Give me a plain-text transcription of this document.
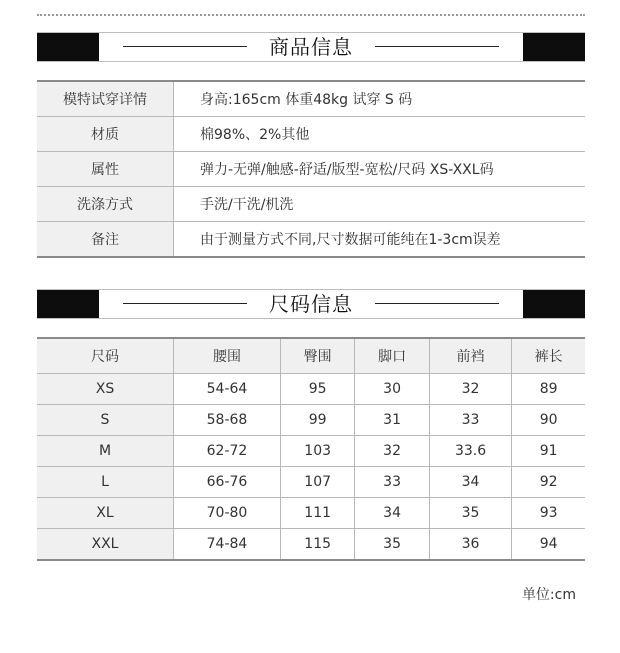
商品信息
模特试穿详情	身高:165cm 体重48kg 试穿 S 码
材质	棉98%、2%其他
属性	弹力-无弹/触感-舒适/版型-宽松/尺码 XS-XXL码
洗涤方式	手洗/干洗/机洗
备注	由于测量方式不同,尺寸数据可能纯在1-3cm误差
尺码信息
尺码	腰围	臀围	脚口	前裆	裤长
XS	54-64	95	30	32	89
S	58-68	99	31	33	90
M	62-72	103	32	33.6	91
L	66-76	107	33	34	92
XL	70-80	111	34	35	93
XXL	74-84	115	35	36	94
单位:cm
